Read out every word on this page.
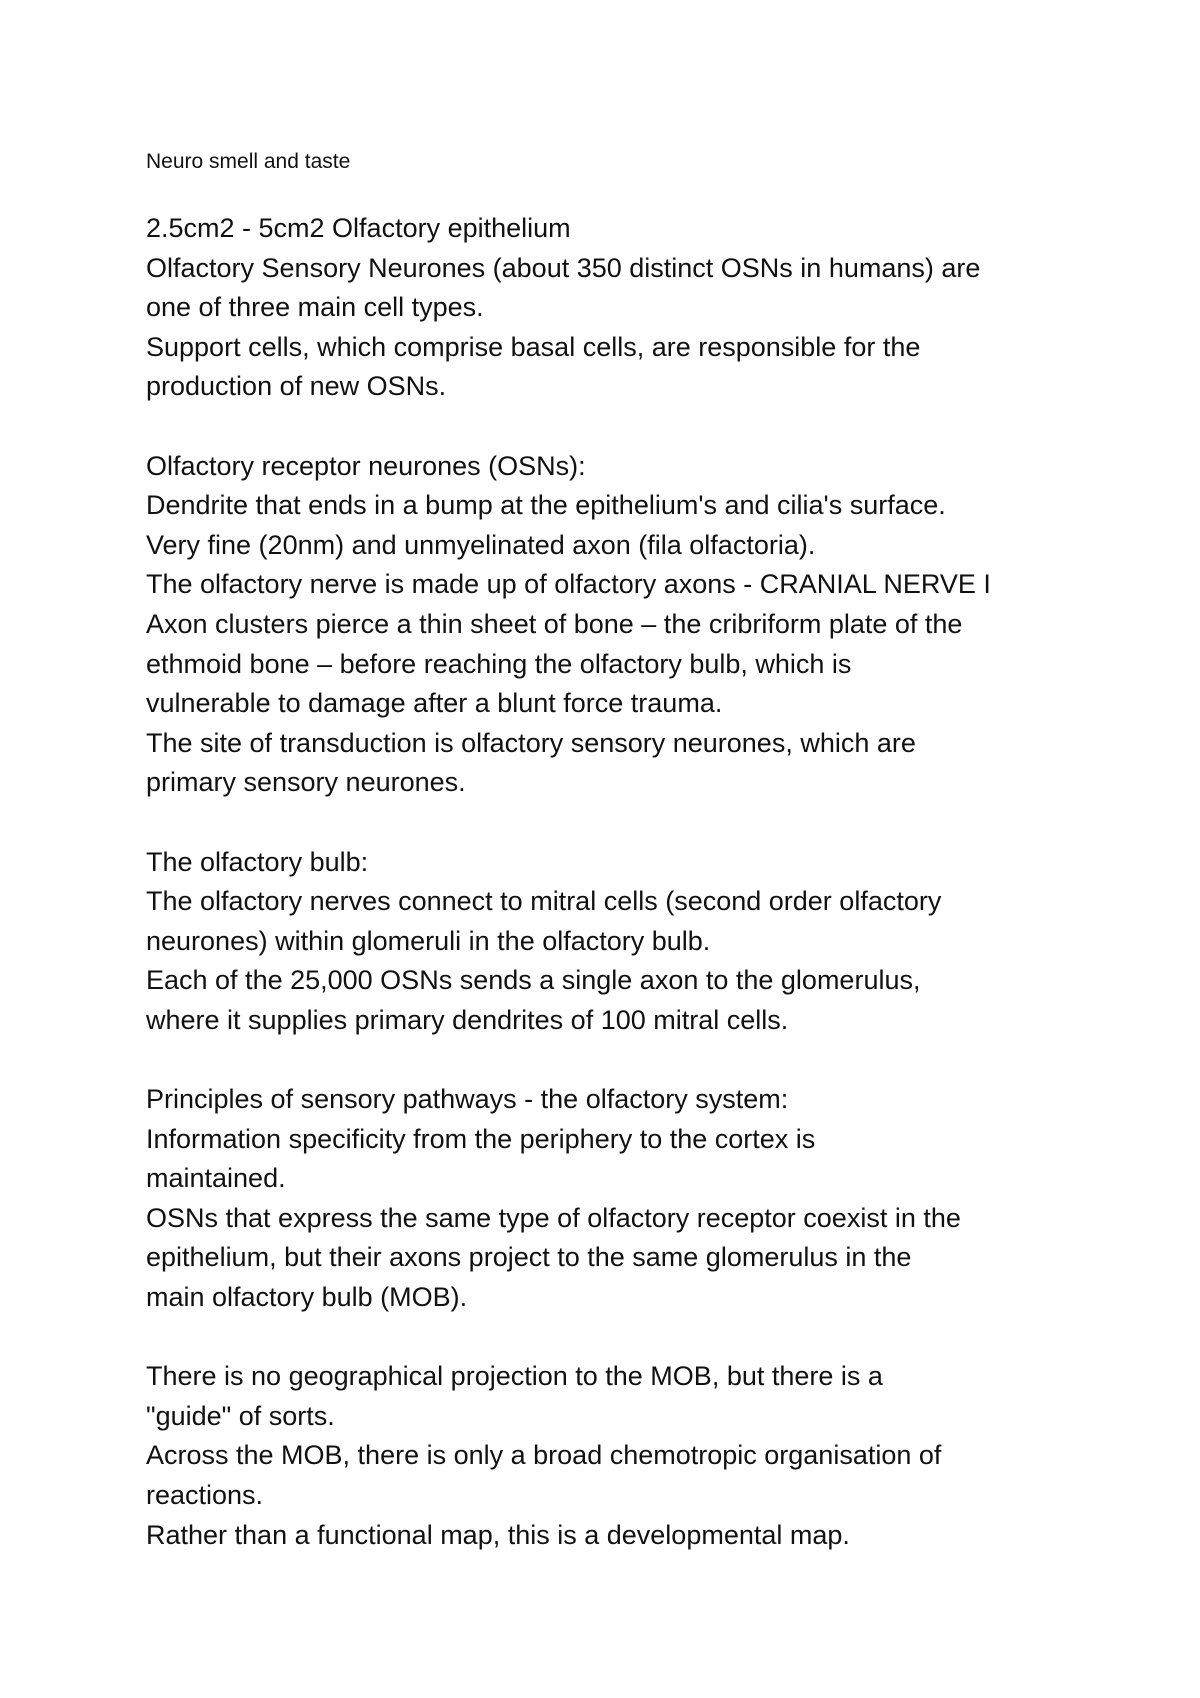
Neuro smell and taste
2.5cm2 - 5cm2 Olfactory epithelium
Olfactory Sensory Neurones (about 350 distinct OSNs in humans) are
one of three main cell types.
Support cells, which comprise basal cells, are responsible for the
production of new OSNs.
Olfactory receptor neurones (OSNs):
Dendrite that ends in a bump at the epithelium's and cilia's surface.
Very fine (20nm) and unmyelinated axon (fila olfactoria).
The olfactory nerve is made up of olfactory axons - CRANIAL NERVE I
Axon clusters pierce a thin sheet of bone – the cribriform plate of the
ethmoid bone – before reaching the olfactory bulb, which is
vulnerable to damage after a blunt force trauma.
The site of transduction is olfactory sensory neurones, which are
primary sensory neurones.
The olfactory bulb:
The olfactory nerves connect to mitral cells (second order olfactory
neurones) within glomeruli in the olfactory bulb.
Each of the 25,000 OSNs sends a single axon to the glomerulus,
where it supplies primary dendrites of 100 mitral cells.
Principles of sensory pathways - the olfactory system:
Information specificity from the periphery to the cortex is
maintained.
OSNs that express the same type of olfactory receptor coexist in the
epithelium, but their axons project to the same glomerulus in the
main olfactory bulb (MOB).
There is no geographical projection to the MOB, but there is a
"guide" of sorts.
Across the MOB, there is only a broad chemotropic organisation of
reactions.
Rather than a functional map, this is a developmental map.
